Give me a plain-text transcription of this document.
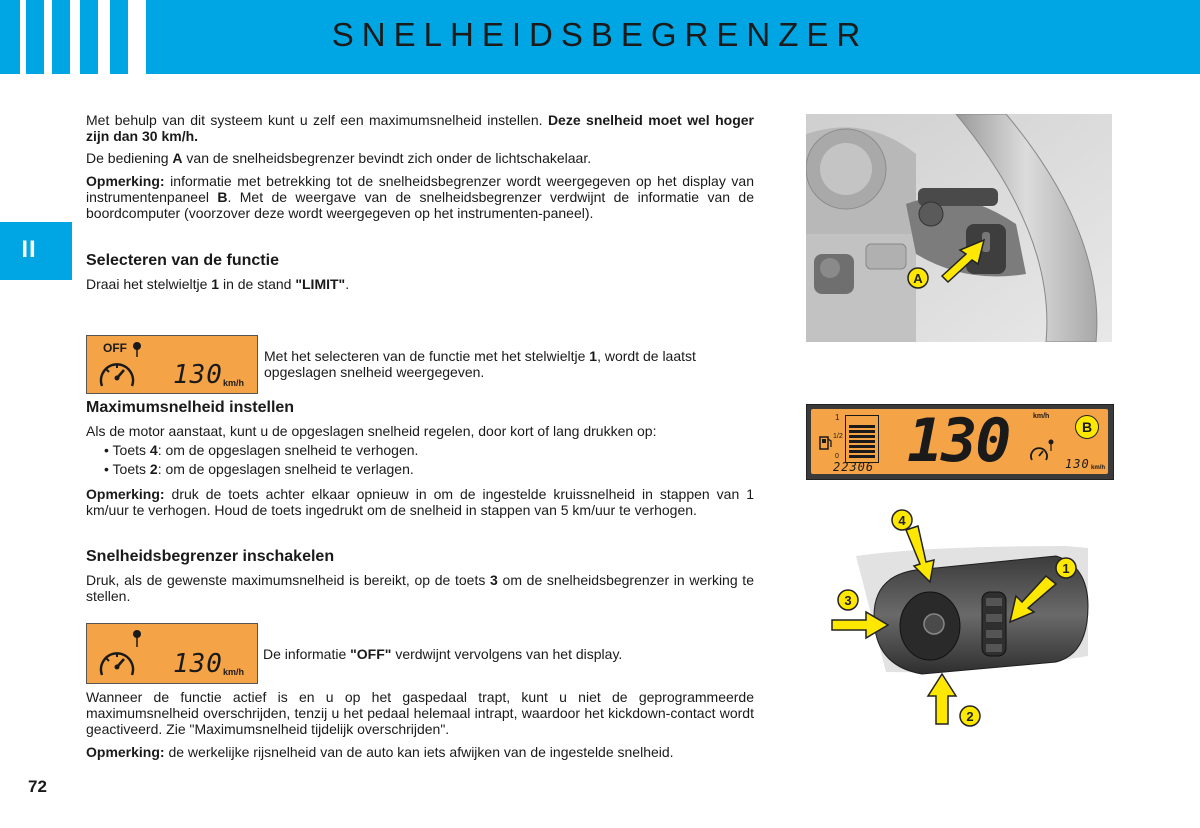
SNELHEIDSBEGRENZER
II

Met behulp van dit systeem kunt u zelf een maximumsnelheid instellen. Deze snelheid moet wel hoger zijn dan 30 km/h.

De bediening A van de snelheidsbegrenzer bevindt zich onder de lichtschakelaar.

Opmerking: informatie met betrekking tot de snelheidsbegrenzer wordt weergegeven op het display van instrumentenpaneel B. Met de weergave van de snelheidsbegrenzer verdwijnt de informatie van de boordcomputer (voorzover deze wordt weergegeven op het instrumenten-paneel).

Selecteren van de functie

Draai het stelwieltje 1 in de stand "LIMIT".

OFF
130 km/h

Met het selecteren van de functie met het stelwieltje 1, wordt de laatst opgeslagen snelheid weergegeven.

Maximumsnelheid instellen

Als de motor aanstaat, kunt u de opgeslagen snelheid regelen, door kort of lang drukken op:

• Toets 4: om de opgeslagen snelheid te verhogen.
• Toets 2: om de opgeslagen snelheid te verlagen.

Opmerking: druk de toets achter elkaar opnieuw in om de ingestelde kruissnelheid in stappen van 1 km/uur te verhogen. Houd de toets ingedrukt om de snelheid in stappen van 5 km/uur te verhogen.

Snelheidsbegrenzer inschakelen

Druk, als de gewenste maximumsnelheid is bereikt, op de toets 3 om de snelheidsbegrenzer in werking te stellen.

130 km/h

De informatie "OFF" verdwijnt vervolgens van het display.

Wanneer de functie actief is en u op het gaspedaal trapt, kunt u niet de geprogrammeerde maximumsnelheid overschrijden, tenzij u het pedaal helemaal intrapt, waardoor het kickdown-contact wordt geactiveerd. Zie "Maximumsnelheid tijdelijk overschrijden".

Opmerking: de werkelijke rijsnelheid van de auto kan iets afwijken van de ingestelde snelheid.

72
A
1
1/2
0
22306 130	km/h
130 km/h
B
4
1
3
2
